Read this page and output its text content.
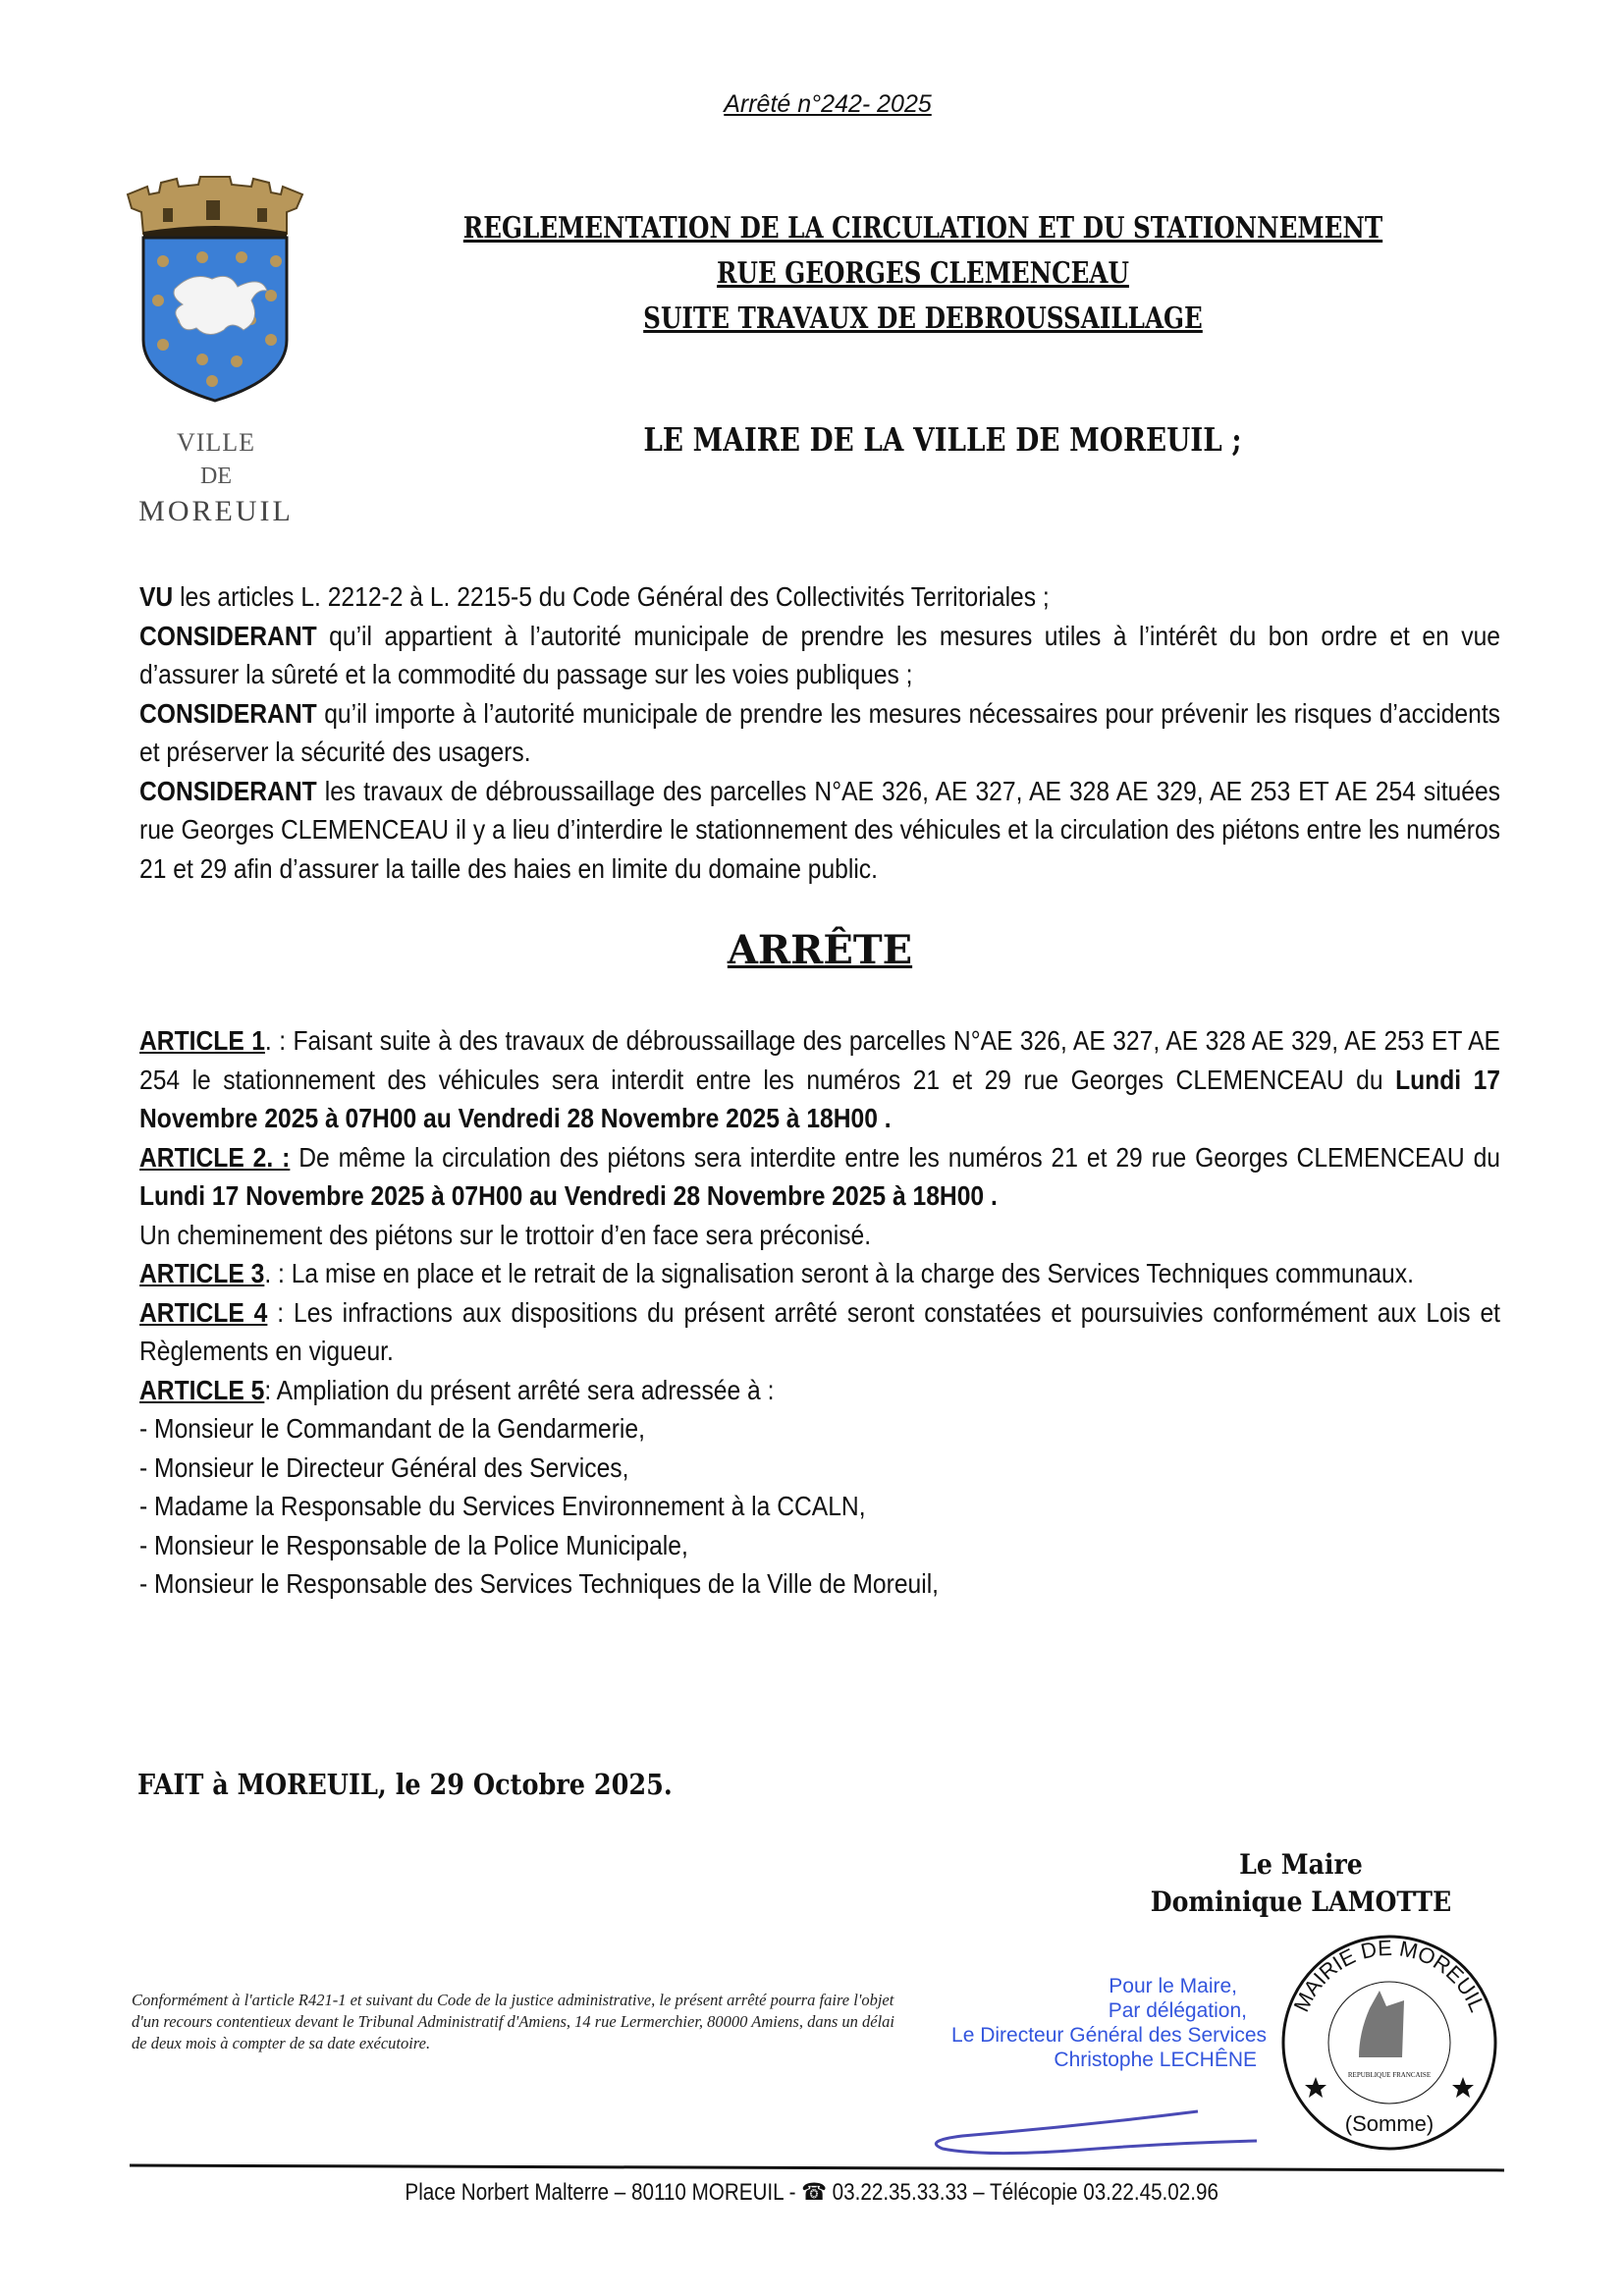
Arrêté n°242- 2025
VILLE
DE
MOREUIL
REGLEMENTATION DE LA CIRCULATION ET DU STATIONNEMENT
RUE GEORGES CLEMENCEAU
SUITE TRAVAUX DE DEBROUSSAILLAGE
LE MAIRE DE LA VILLE DE MOREUIL ;

VU les articles L. 2212-2 à L. 2215-5 du Code Général des Collectivités Territoriales ;

CONSIDERANT qu’il appartient à l’autorité municipale de prendre les mesures utiles à l’intérêt du bon ordre et en vue d’assurer la sûreté et la commodité du passage sur les voies publiques ;

CONSIDERANT qu’il importe à l’autorité municipale de prendre les mesures nécessaires pour prévenir les risques d’accidents et préserver la sécurité des usagers.

CONSIDERANT les travaux de débroussaillage des parcelles N°AE 326, AE 327, AE 328 AE 329, AE 253 ET AE 254 situées rue Georges CLEMENCEAU il y a lieu d’interdire le stationnement des véhicules et la circulation des piétons entre les numéros 21 et 29 afin d’assurer la taille des haies en limite du domaine public.

ARRÊTE

ARTICLE 1. : Faisant suite à des travaux de débroussaillage des parcelles N°AE 326, AE 327, AE 328 AE 329, AE 253 ET AE 254 le stationnement des véhicules sera interdit entre les numéros 21 et 29 rue Georges CLEMENCEAU du Lundi 17 Novembre 2025 à 07H00 au Vendredi 28 Novembre 2025 à 18H00 .

ARTICLE 2. : De même la circulation des piétons sera interdite entre les numéros 21 et 29 rue Georges CLEMENCEAU du Lundi 17 Novembre 2025 à 07H00 au Vendredi 28 Novembre 2025 à 18H00 .

Un cheminement des piétons sur le trottoir d’en face sera préconisé.

ARTICLE 3. : La mise en place et le retrait de la signalisation seront à la charge des Services Techniques communaux.

ARTICLE 4 : Les infractions aux dispositions du présent arrêté seront constatées et poursuivies conformément aux Lois et Règlements en vigueur.

ARTICLE 5: Ampliation du présent arrêté sera adressée à :

- Monsieur le Commandant de la Gendarmerie,
- Monsieur le Directeur Général des Services,
- Madame la Responsable du Services Environnement à la CCALN,
- Monsieur le Responsable de la Police Municipale,
- Monsieur le Responsable des Services Techniques de la Ville de Moreuil,
FAIT à MOREUIL, le 29 Octobre 2025.
Le Maire
Dominique LAMOTTE
Conformément à l'article R421-1 et suivant du Code de la justice administrative, le présent arrêté pourra faire l'objet d'un recours contentieux devant le Tribunal Administratif d'Amiens, 14 rue Lermerchier, 80000 Amiens, dans un délai de deux mois à compter de sa date exécutoire.
Pour le Maire,
Par délégation,
Le Directeur Général des Services
Christophe LECHÊNE
MAIRIE DE MOREUIL
REPUBLIQUE FRANCAISE
(Somme)
Place Norbert Malterre – 80110 MOREUIL - ☎ 03.22.35.33.33 – Télécopie 03.22.45.02.96
